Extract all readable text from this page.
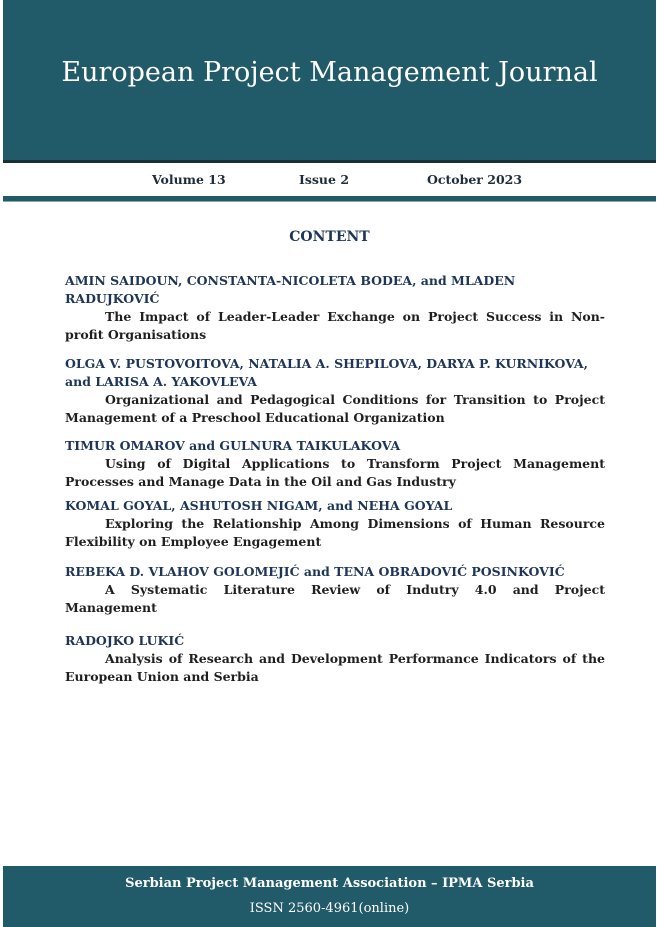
European Project Management Journal
Volume 13	Issue 2	October 2023
CONTENT
AMIN SAIDOUN, CONSTANTA-NICOLETA BODEA, and MLADEN RADUJKOVIĆ
The Impact of Leader-Leader Exchange on Project Success in Non-profit Organisations
OLGA V. PUSTOVOITOVA, NATALIA A. SHEPILOVA, DARYA P. KURNIKOVA, and LARISA A. YAKOVLEVA
Organizational and Pedagogical Conditions for Transition to Project Management of a Preschool Educational Organization
TIMUR OMAROV and GULNURA TAIKULAKOVA
Using of Digital Applications to Transform Project Management Processes and Manage Data in the Oil and Gas Industry
KOMAL GOYAL, ASHUTOSH NIGAM, and NEHA GOYAL
Exploring the Relationship Among Dimensions of Human Resource Flexibility on Employee Engagement
REBEKA D. VLAHOV GOLOMEJIĆ and TENA OBRADOVIĆ POSINKOVIĆ
A Systematic Literature Review of Indutry 4.0 and Project Management
RADOJKO LUKIĆ
Analysis of Research and Development Performance Indicators of the European Union and Serbia
Serbian Project Management Association – IPMA Serbia
ISSN 2560-4961(online)
